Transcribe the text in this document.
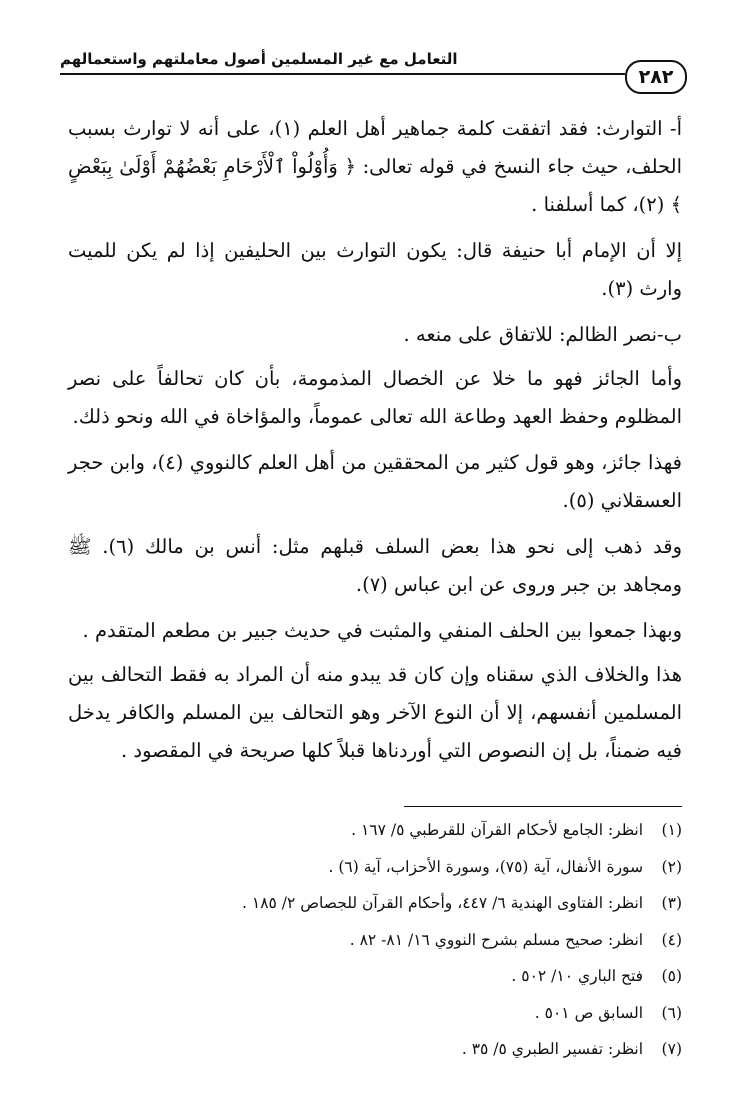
التعامل مع غير المسلمين أصول معاملتهم واستعمالهم
٢٨٢

أ- التوارث: فقد اتفقت كلمة جماهير أهل العلم (١)، على أنه لا توارث بسبب الحلف، حيث جاء النسخ في قوله تعالى: ﴿ وَأُوْلُواْ ٱلْأَرْحَامِ بَعْضُهُمْ أَوْلَىٰ بِبَعْضٍ ﴾ (٢)، كما أسلفنا .

إلا أن الإمام أبا حنيفة قال: يكون التوارث بين الحليفين إذا لم يكن للميت وارث (٣).

ب-نصر الظالم: للاتفاق على منعه .

وأما الجائز فهو ما خلا عن الخصال المذمومة، بأن كان تحالفاً على نصر المظلوم وحفظ العهد وطاعة الله تعالى عموماً، والمؤاخاة في الله ونحو ذلك.

فهذا جائز، وهو قول كثير من المحققين من أهل العلم كالنووي (٤)، وابن حجر العسقلاني (٥).

وقد ذهب إلى نحو هذا بعض السلف قبلهم مثل: أنس بن مالك (٦). ﷺ ومجاهد بن جبر وروى عن ابن عباس (٧).

وبهذا جمعوا بين الحلف المنفي والمثبت في حديث جبير بن مطعم المتقدم .

هذا والخلاف الذي سقناه وإن كان قد يبدو منه أن المراد به فقط التحالف بين المسلمين أنفسهم، إلا أن النوع الآخر وهو التحالف بين المسلم والكافر يدخل فيه ضمناً، بل إن النصوص التي أوردناها قبلاً كلها صريحة في المقصود .

(١) انظر: الجامع لأحكام القرآن للقرطبي ٥/ ١٦٧ .
(٢) سورة الأنفال، آية (٧٥)، وسورة الأحزاب، آية (٦) .
(٣) انظر: الفتاوى الهندية ٦/ ٤٤٧، وأحكام القرآن للجصاص ٢/ ١٨٥ .
(٤) انظر: صحيح مسلم بشرح النووي ١٦/ ٨١- ٨٢ .
(٥) فتح الباري ١٠/ ٥٠٢ .
(٦) السابق ص ٥٠١ .
(٧) انظر: تفسير الطبري ٥/ ٣٥ .
